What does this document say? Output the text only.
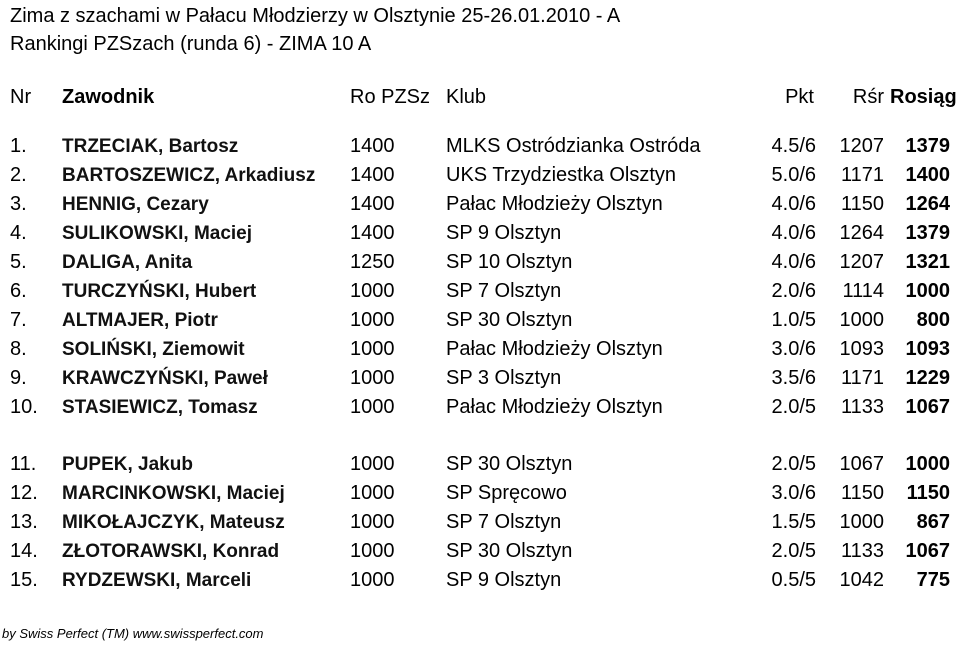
Zima z szachami w Pałacu Młodzierzy w Olsztynie 25-26.01.2010 - A
Rankingi PZSzach (runda 6) - ZIMA 10 A
Nr	Zawodnik	Ro PZSz	Klub	Pkt	Rśr	Rosiąg

1.	TRZECIAK, Bartosz	1400	MLKS Ostródzianka Ostróda	4.5/6	1207	1379
2.	BARTOSZEWICZ, Arkadiusz	1400	UKS Trzydziestka Olsztyn	5.0/6	1171	1400
3.	HENNIG, Cezary	1400	Pałac Młodzieży Olsztyn	4.0/6	1150	1264
4.	SULIKOWSKI, Maciej	1400	SP 9 Olsztyn	4.0/6	1264	1379
5.	DALIGA, Anita	1250	SP 10 Olsztyn	4.0/6	1207	1321
6.	TURCZYŃSKI, Hubert	1000	SP 7 Olsztyn	2.0/6	1114	1000
7.	ALTMAJER, Piotr	1000	SP 30 Olsztyn	1.0/5	1000	800
8.	SOLIŃSKI, Ziemowit	1000	Pałac Młodzieży Olsztyn	3.0/6	1093	1093
9.	KRAWCZYŃSKI, Paweł	1000	SP 3 Olsztyn	3.5/6	1171	1229
10.	STASIEWICZ, Tomasz	1000	Pałac Młodzieży Olsztyn	2.0/5	1133	1067

11.	PUPEK, Jakub	1000	SP 30 Olsztyn	2.0/5	1067	1000
12.	MARCINKOWSKI, Maciej	1000	SP Spręcowo	3.0/6	1150	1150
13.	MIKOŁAJCZYK, Mateusz	1000	SP 7 Olsztyn	1.5/5	1000	867
14.	ZŁOTORAWSKI, Konrad	1000	SP 30 Olsztyn	2.0/5	1133	1067
15.	RYDZEWSKI, Marceli	1000	SP 9 Olsztyn	0.5/5	1042	775
by Swiss Perfect (TM) www.swissperfect.com
